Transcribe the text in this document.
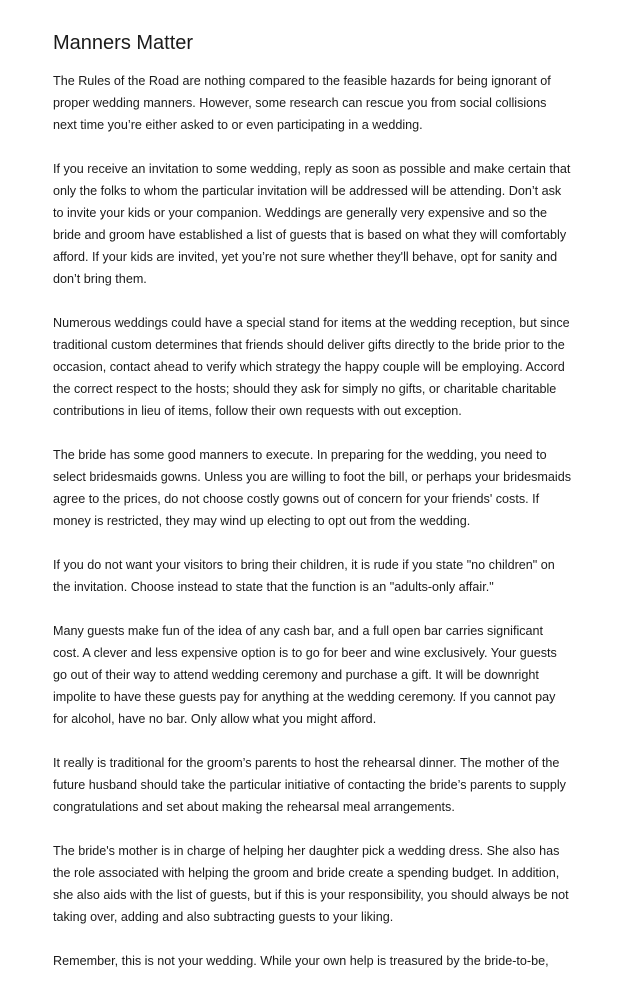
Manners Matter

The Rules of the Road are nothing compared to the feasible hazards for being ignorant of
proper wedding manners. However, some research can rescue you from social collisions
next time you’re either asked to or even participating in a wedding.

If you receive an invitation to some wedding, reply as soon as possible and make certain that
only the folks to whom the particular invitation will be addressed will be attending. Don’t ask
to invite your kids or your companion. Weddings are generally very expensive and so the
bride and groom have established a list of guests that is based on what they will comfortably
afford. If your kids are invited, yet you’re not sure whether they'll behave, opt for sanity and
don’t bring them.

Numerous weddings could have a special stand for items at the wedding reception, but since
traditional custom determines that friends should deliver gifts directly to the bride prior to the
occasion, contact ahead to verify which strategy the happy couple will be employing. Accord
the correct respect to the hosts; should they ask for simply no gifts, or charitable charitable
contributions in lieu of items, follow their own requests with out exception.

The bride has some good manners to execute. In preparing for the wedding, you need to
select bridesmaids gowns. Unless you are willing to foot the bill, or perhaps your bridesmaids
agree to the prices, do not choose costly gowns out of concern for your friends' costs. If
money is restricted, they may wind up electing to opt out from the wedding.

If you do not want your visitors to bring their children, it is rude if you state "no children" on
the invitation. Choose instead to state that the function is an "adults-only affair."

Many guests make fun of the idea of any cash bar, and a full open bar carries significant
cost. A clever and less expensive option is to go for beer and wine exclusively. Your guests
go out of their way to attend wedding ceremony and purchase a gift. It will be downright
impolite to have these guests pay for anything at the wedding ceremony. If you cannot pay
for alcohol, have no bar. Only allow what you might afford.

It really is traditional for the groom’s parents to host the rehearsal dinner. The mother of the
future husband should take the particular initiative of contacting the bride’s parents to supply
congratulations and set about making the rehearsal meal arrangements.

The bride's mother is in charge of helping her daughter pick a wedding dress. She also has
the role associated with helping the groom and bride create a spending budget. In addition,
she also aids with the list of guests, but if this is your responsibility, you should always be not
taking over, adding and also subtracting guests to your liking.

Remember, this is not your wedding. While your own help is treasured by the bride-to-be,
